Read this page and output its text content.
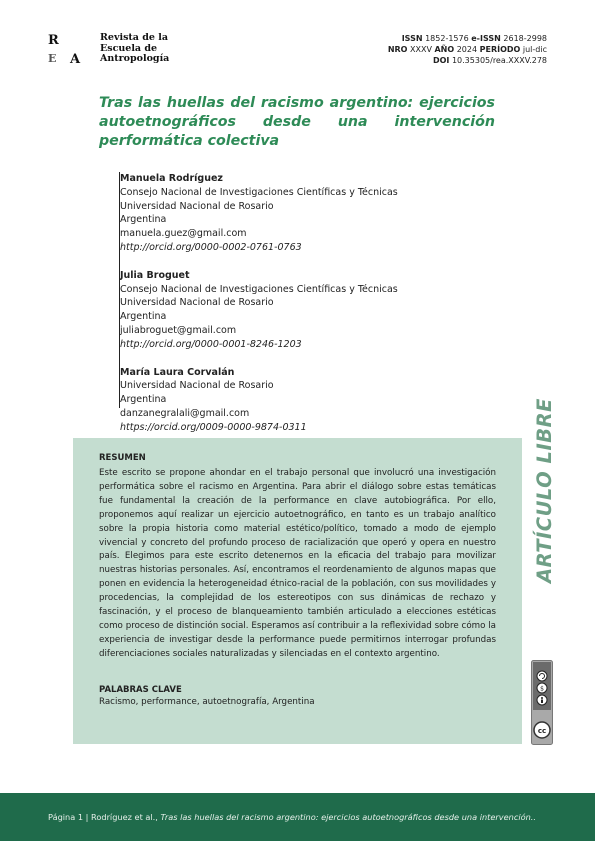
R
E A
Revista de la
Escuela de
Antropología
ISSN 1852-1576 e-ISSN 2618-2998
NRO XXXV AÑO 2024 PERÍODO jul-dic
DOI 10.35305/rea.XXXV.278
Tras las huellas del racismo argentino: ejercicios autoetnográficos desde una intervención performática colectiva
Manuela Rodríguez
Consejo Nacional de Investigaciones Científicas y Técnicas
Universidad Nacional de Rosario
Argentina
manuela.guez@gmail.com
http://orcid.org/0000-0002-0761-0763
Julia Broguet
Consejo Nacional de Investigaciones Científicas y Técnicas
Universidad Nacional de Rosario
Argentina
juliabroguet@gmail.com
http://orcid.org/0000-0001-8246-1203
María Laura Corvalán
Universidad Nacional de Rosario
Argentina
danzanegralali@gmail.com
https://orcid.org/0009-0000-9874-0311	ARTÍCULO LIBRE
cc
$
RESUMEN
Este escrito se propone ahondar en el trabajo personal que involucró una investigación performática sobre el racismo en Argentina. Para abrir el diálogo sobre estas temáticas fue fundamental la creación de la performance en clave autobiográfica. Por ello, proponemos aquí realizar un ejercicio autoetnográfico, en tanto es un trabajo analítico sobre la propia historia como material estético/político, tomado a modo de ejemplo vivencial y concreto del profundo proceso de racialización que operó y opera en nuestro país. Elegimos para este escrito detenernos en la eficacia del trabajo para movilizar nuestras historias personales. Así, encontramos el reordenamiento de algunos mapas que ponen en evidencia la heterogeneidad étnico-racial de la población, con sus movilidades y procedencias, la complejidad de los estereotipos con sus dinámicas de rechazo y fascinación, y el proceso de blanqueamiento también articulado a elecciones estéticas como proceso de distinción social. Esperamos así contribuir a la reflexividad sobre cómo la experiencia de investigar desde la performance puede permitirnos interrogar profundas diferenciaciones sociales naturalizadas y silenciadas en el contexto argentino.
PALABRAS CLAVE
Racismo, performance, autoetnografía, Argentina
Página 1 | Rodríguez et al., Tras las huellas del racismo argentino: ejercicios autoetnográficos desde una intervención..
